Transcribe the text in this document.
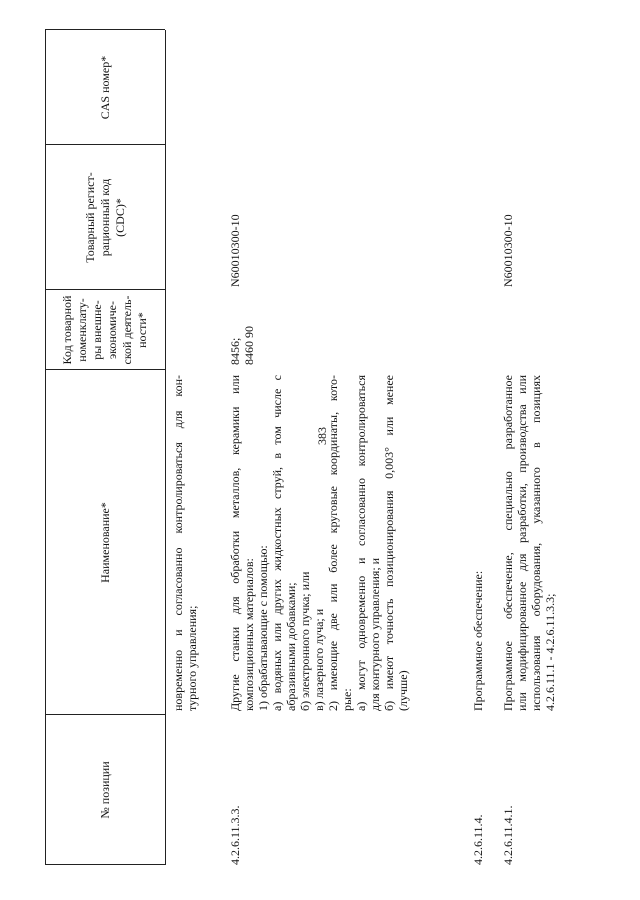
383
№ позиции
Наименование*
Код товарной номенклату- ры внешне- экономиче- ской деятель- ности*
Товарный регист- рационный код (CDC)*
CAS номер*
новременно и согласованно контролироваться для кон- турного управления;
4.2.6.11.3.3.
Другие станки для обработки металлов, керамики или композиционных материалов: 1) обрабатывающие с помощью: а) водяных или других жидкостных струй, в том числе с абразивными добавками; б) электронного пучка; или в) лазерного луча; и 2) имеющие две или более круговые координаты, кото- рые: а) могут одновременно и согласованно контролироваться для контурного управления; и б) имеют точность позиционирования 0,003° или менее (лучше)
8456; 8460 90
N60010300-10
4.2.6.11.4.
Программное обеспечение:
4.2.6.11.4.1.
Программное обеспечение, специально разработанное или модифицированное для разработки, производства или использования оборудования, указанного в позициях 4.2.6.11.1 - 4.2.6.11.3.3;
N60010300-10
